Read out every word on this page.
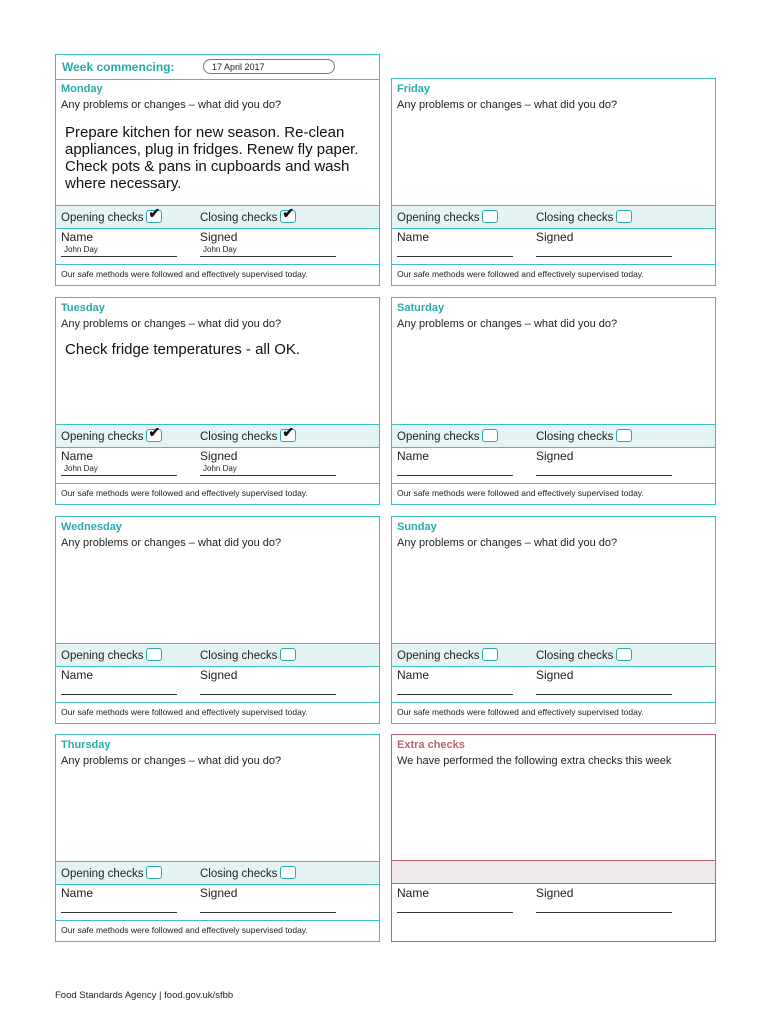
Week commencing:	17 April 2017
Monday
Any problems or changes – what did you do?
Prepare kitchen for new season. Re-clean appliances, plug in fridges. Renew fly paper. Check pots & pans in cupboards and wash where necessary.
Opening checks ✔	Closing checks ✔
Name	Signed
John Day	John Day
Our safe methods were followed and effectively supervised today.
Tuesday
Any problems or changes – what did you do?
Check fridge temperatures - all OK.
Opening checks ✔	Closing checks ✔
Name	Signed
John Day	John Day
Our safe methods were followed and effectively supervised today.
Wednesday
Any problems or changes – what did you do?
Opening checks	Closing checks
Name	Signed
Our safe methods were followed and effectively supervised today.
Thursday
Any problems or changes – what did you do?
Opening checks	Closing checks
Name	Signed
Our safe methods were followed and effectively supervised today.
Friday
Any problems or changes – what did you do?
Opening checks	Closing checks
Name	Signed
Our safe methods were followed and effectively supervised today.
Saturday
Any problems or changes – what did you do?
Opening checks	Closing checks
Name	Signed
Our safe methods were followed and effectively supervised today.
Sunday
Any problems or changes – what did you do?
Opening checks	Closing checks
Name	Signed
Our safe methods were followed and effectively supervised today.
Extra checks
We have performed the following extra checks this week
Name	Signed
Food Standards Agency | food.gov.uk/sfbb
